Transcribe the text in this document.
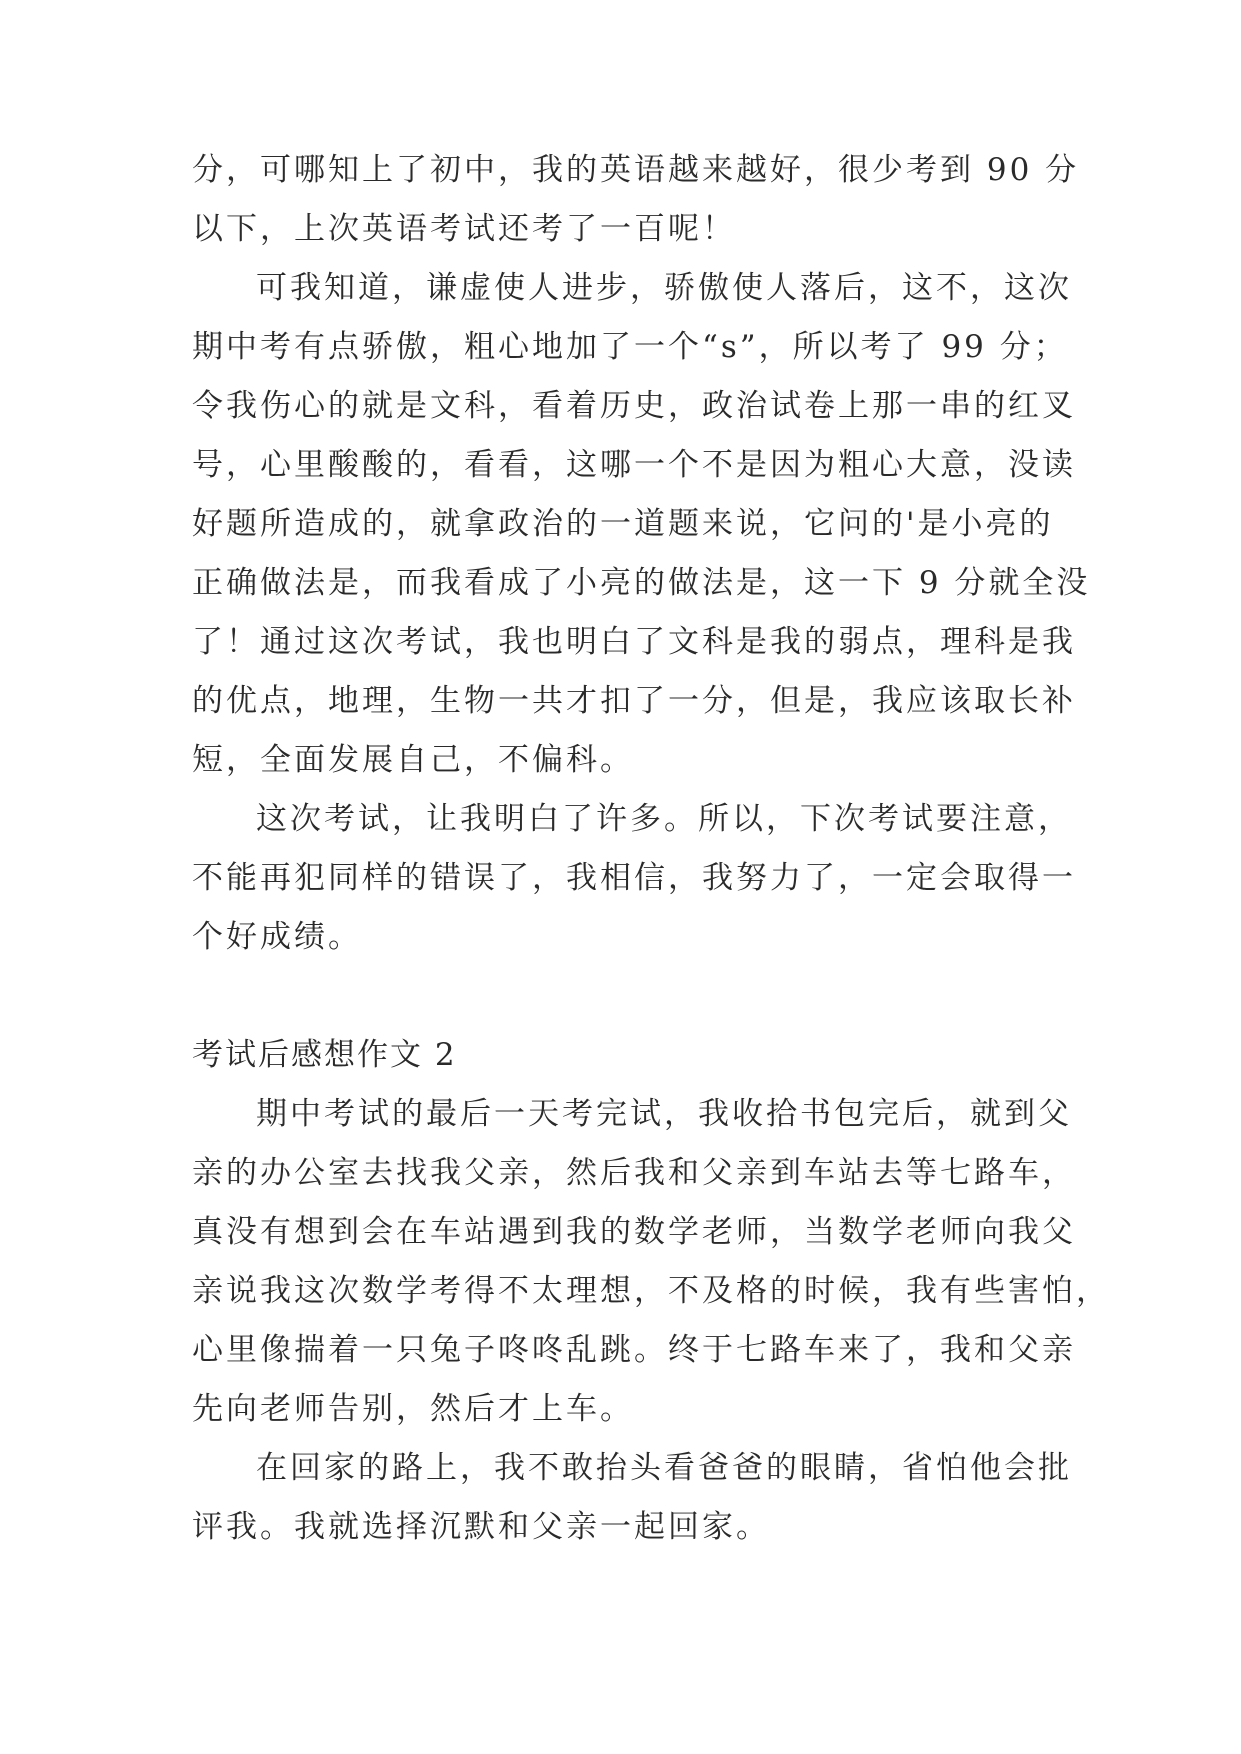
分，可哪知上了初中，我的英语越来越好，很少考到 90 分
以下，上次英语考试还考了一百呢！
可我知道，谦虚使人进步，骄傲使人落后，这不，这次
期中考有点骄傲，粗心地加了一个“s”，所以考了 99 分；
令我伤心的就是文科，看着历史，政治试卷上那一串的红叉
号，心里酸酸的，看看，这哪一个不是因为粗心大意，没读
好题所造成的，就拿政治的一道题来说，它问的'是小亮的
正确做法是，而我看成了小亮的做法是，这一下 9 分就全没
了！通过这次考试，我也明白了文科是我的弱点，理科是我
的优点，地理，生物一共才扣了一分，但是，我应该取长补
短，全面发展自己，不偏科。
这次考试，让我明白了许多。所以，下次考试要注意，
不能再犯同样的错误了，我相信，我努力了，一定会取得一
个好成绩。
考试后感想作文 2
期中考试的最后一天考完试，我收拾书包完后，就到父
亲的办公室去找我父亲，然后我和父亲到车站去等七路车，
真没有想到会在车站遇到我的数学老师，当数学老师向我父
亲说我这次数学考得不太理想，不及格的时候，我有些害怕，
心里像揣着一只兔子咚咚乱跳。终于七路车来了，我和父亲
先向老师告别，然后才上车。
在回家的路上，我不敢抬头看爸爸的眼睛，省怕他会批
评我。我就选择沉默和父亲一起回家。
